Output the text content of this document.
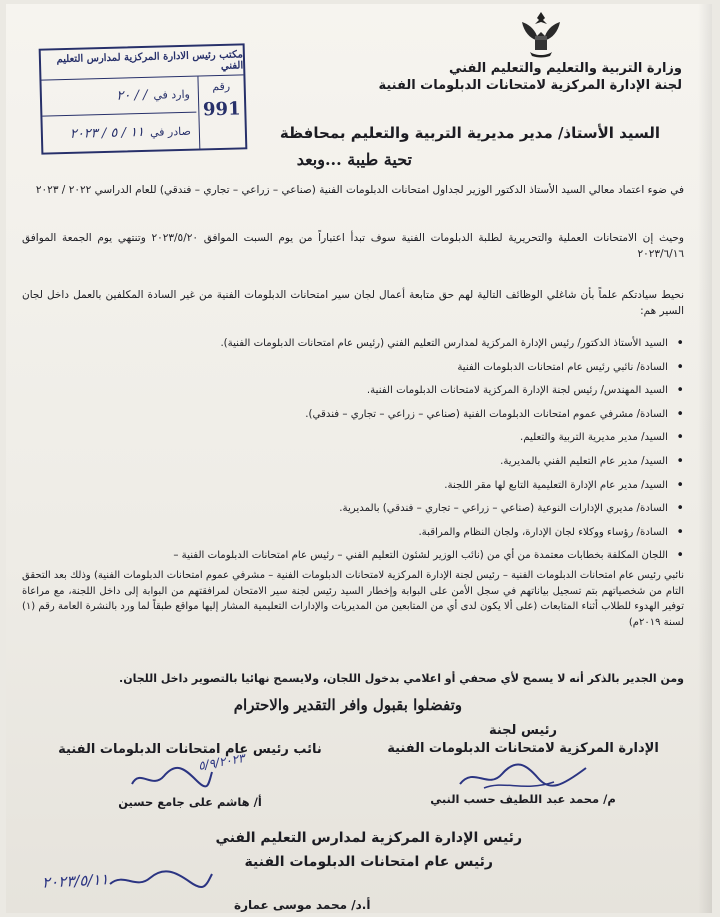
وزارة التربية والتعليم والتعليم الفني
لجنة الإدارة المركزية لامتحانات الدبلومات الفنية
مكتب رئيس الادارة المركزية لمدارس التعليم الفني
رقم
991
وارد في
/ / ٢٠
صادر في
١١ / ٥ / ٢٠٢٣	السيد الأستاذ/ مدير مديرية التربية والتعليم بمحافظة
تحية طيبة ...وبعد

في ضوء اعتماد معالي السيد الأستاذ الدكتور الوزير لجداول امتحانات الدبلومات الفنية (صناعي – زراعي – تجاري – فندقي) للعام الدراسي ٢٠٢٢ / ٢٠٢٣

وحيث إن الامتحانات العملية والتحريرية لطلبة الدبلومات الفنية سوف تبدأ اعتباراً من يوم السبت الموافق ٢٠٢٣/٥/٢٠ وتنتهي يوم الجمعة الموافق ٢٠٢٣/٦/١٦

نحيط سيادتكم علماً بأن شاغلي الوظائف التالية لهم حق متابعة أعمال لجان سير امتحانات الدبلومات الفنية من غير السادة المكلفين بالعمل داخل لجان السير هم:

• السيد الأستاذ الدكتور/ رئيس الإدارة المركزية لمدارس التعليم الفني (رئيس عام امتحانات الدبلومات الفنية).
• السادة/ نائبي رئيس عام امتحانات الدبلومات الفنية
• السيد المهندس/ رئيس لجنة الإدارة المركزية لامتحانات الدبلومات الفنية.
• السادة/ مشرفي عموم امتحانات الدبلومات الفنية (صناعي – زراعي – تجاري – فندقي).
• السيد/ مدير مديرية التربية والتعليم.
• السيد/ مدير عام التعليم الفني بالمديرية.
• السيد/ مدير عام الإدارة التعليمية التابع لها مقر اللجنة.
• السادة/ مديري الإدارات النوعية (صناعي – زراعي – تجاري – فندقي) بالمديرية.
• السادة/ رؤساء ووكلاء لجان الإدارة، ولجان النظام والمراقبة.
• اللجان المكلفة بخطابات معتمدة من أي من (نائب الوزير لشئون التعليم الفني – رئيس عام امتحانات الدبلومات الفنية –

نائبي رئيس عام امتحانات الدبلومات الفنية – رئيس لجنة الإدارة المركزية لامتحانات الدبلومات الفنية – مشرفي عموم امتحانات الدبلومات الفنية) وذلك بعد التحقق التام من شخصياتهم بتم تسجيل بياناتهم في سجل الأمن على البوابة وإخطار السيد رئيس لجنة سير الامتحان لمرافقتهم من البوابة إلى داخل اللجنة، مع مراعاة توفير الهدوء للطلاب أثناء المتابعات (على ألا يكون لدى أي من المتابعين من المديريات والإدارات التعليمية المشار إليها مواقع طبقاً لما ورد بالنشرة العامة رقم (١) لسنة ٢٠١٩م)

ومن الجدير بالذكر أنه لا يسمح لأي صحفي أو اعلامي بدخول اللجان، ولايسمح نهائيا بالتصوير داخل اللجان.
وتفضلوا بقبول وافر التقدير والاحترام
رئيس لجنة
الإدارة المركزية لامتحانات الدبلومات الفنية
م/ محمد عبد اللطيف حسب النبي
نائب رئيس عام امتحانات الدبلومات الفنية
أ/ هاشم على جامع حسين
٥/٩/٢٠٢٣
رئيس الإدارة المركزية لمدارس التعليم الفني
رئيس عام امتحانات الدبلومات الفنية
٢٠٢٣/٥/١١
أ.د/ محمد موسى عمارة
